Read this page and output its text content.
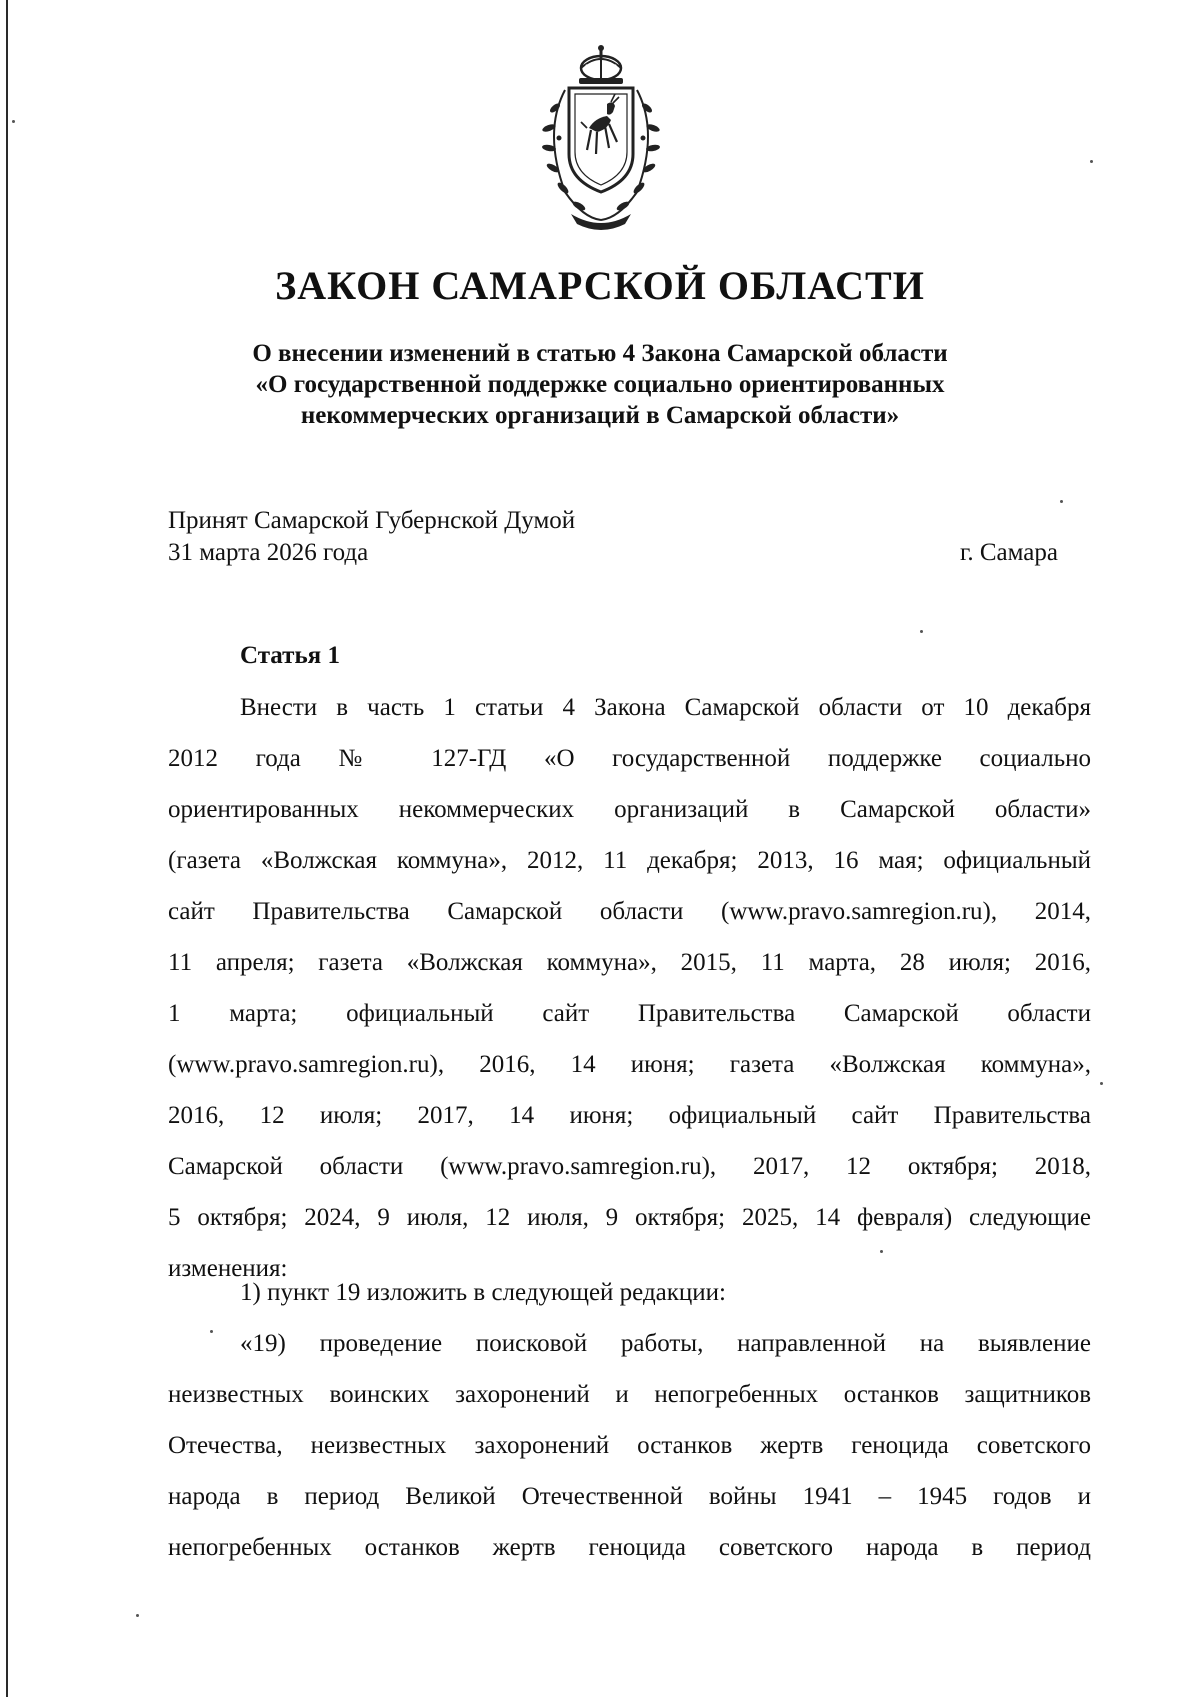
ЗАКОН САМАРСКОЙ ОБЛАСТИ
О внесении изменений в статью 4 Закона Самарской области
«О государственной поддержке социально ориентированных
некоммерческих организаций в Самарской области»
Принят Самарской Губернской Думой
31 марта 2026 года	г. Самара
Статья 1
Внести в часть 1 статьи 4 Закона Самарской области от 10 декабря
2012 года № 127-ГД «О государственной поддержке социально
ориентированных некоммерческих организаций в Самарской области»
(газета «Волжская коммуна», 2012, 11 декабря; 2013, 16 мая; официальный
сайт Правительства Самарской области (www.pravo.samregion.ru), 2014,
11 апреля; газета «Волжская коммуна», 2015, 11 марта, 28 июля; 2016,
1 марта; официальный сайт Правительства Самарской области
(www.pravo.samregion.ru), 2016, 14 июня; газета «Волжская коммуна»,
2016, 12 июля; 2017, 14 июня; официальный сайт Правительства
Самарской области (www.pravo.samregion.ru), 2017, 12 октября; 2018,
5 октября; 2024, 9 июля, 12 июля, 9 октября; 2025, 14 февраля) следующие
изменения:
1) пункт 19 изложить в следующей редакции:
«19) проведение поисковой работы, направленной на выявление
неизвестных воинских захоронений и непогребенных останков защитников
Отечества, неизвестных захоронений останков жертв геноцида советского
народа в период Великой Отечественной войны 1941 – 1945 годов и
непогребенных останков жертв геноцида советского народа в период
